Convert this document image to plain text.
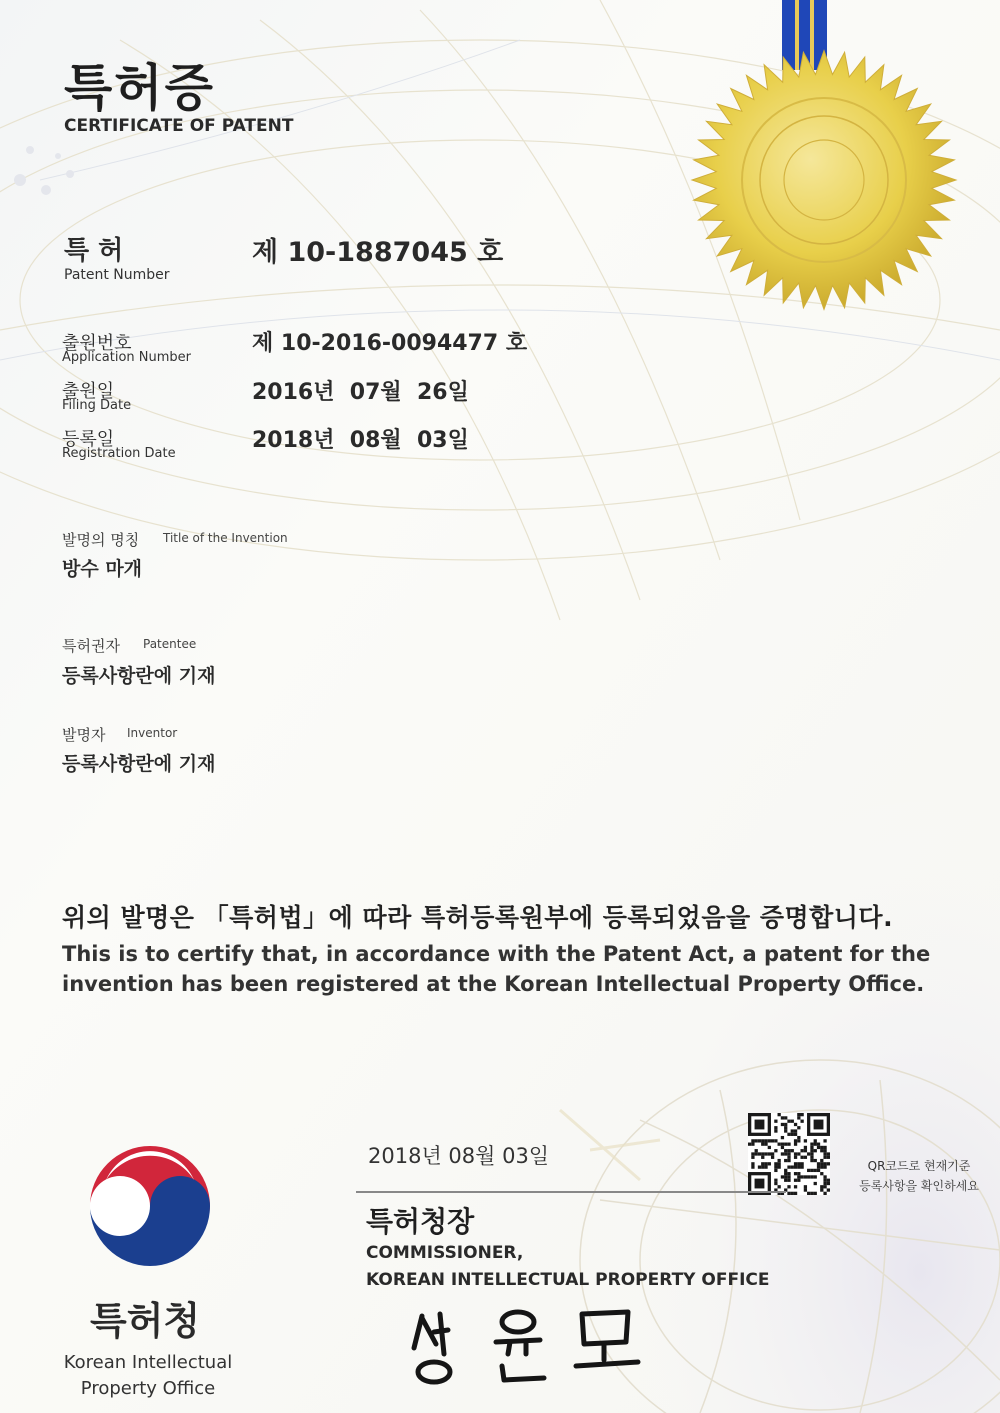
특허증
CERTIFICATE OF PATENT
특 허
Patent Number
제 10-1887045 호
출원번호
Application Number
제 10-2016-0094477 호
출원일
Filing Date
2016년  07월  26일
등록일
Registration Date
2018년  08월  03일
발명의 명칭 Title of the Invention
방수 마개
특허권자 Patentee
등록사항란에 기재
발명자 Inventor
등록사항란에 기재
위의 발명은 「특허법」에 따라 특허등록원부에 등록되었음을 증명합니다.
This is to certify that, in accordance with the Patent Act, a patent for the invention has been registered at the Korean Intellectual Property Office.
2018년 08월 03일	QR코드로 현재기준
등록사항을 확인하세요
특허청장
COMMISSIONER,
KOREAN INTELLECTUAL PROPERTY OFFICE
특허청
Korean Intellectual Property Office
